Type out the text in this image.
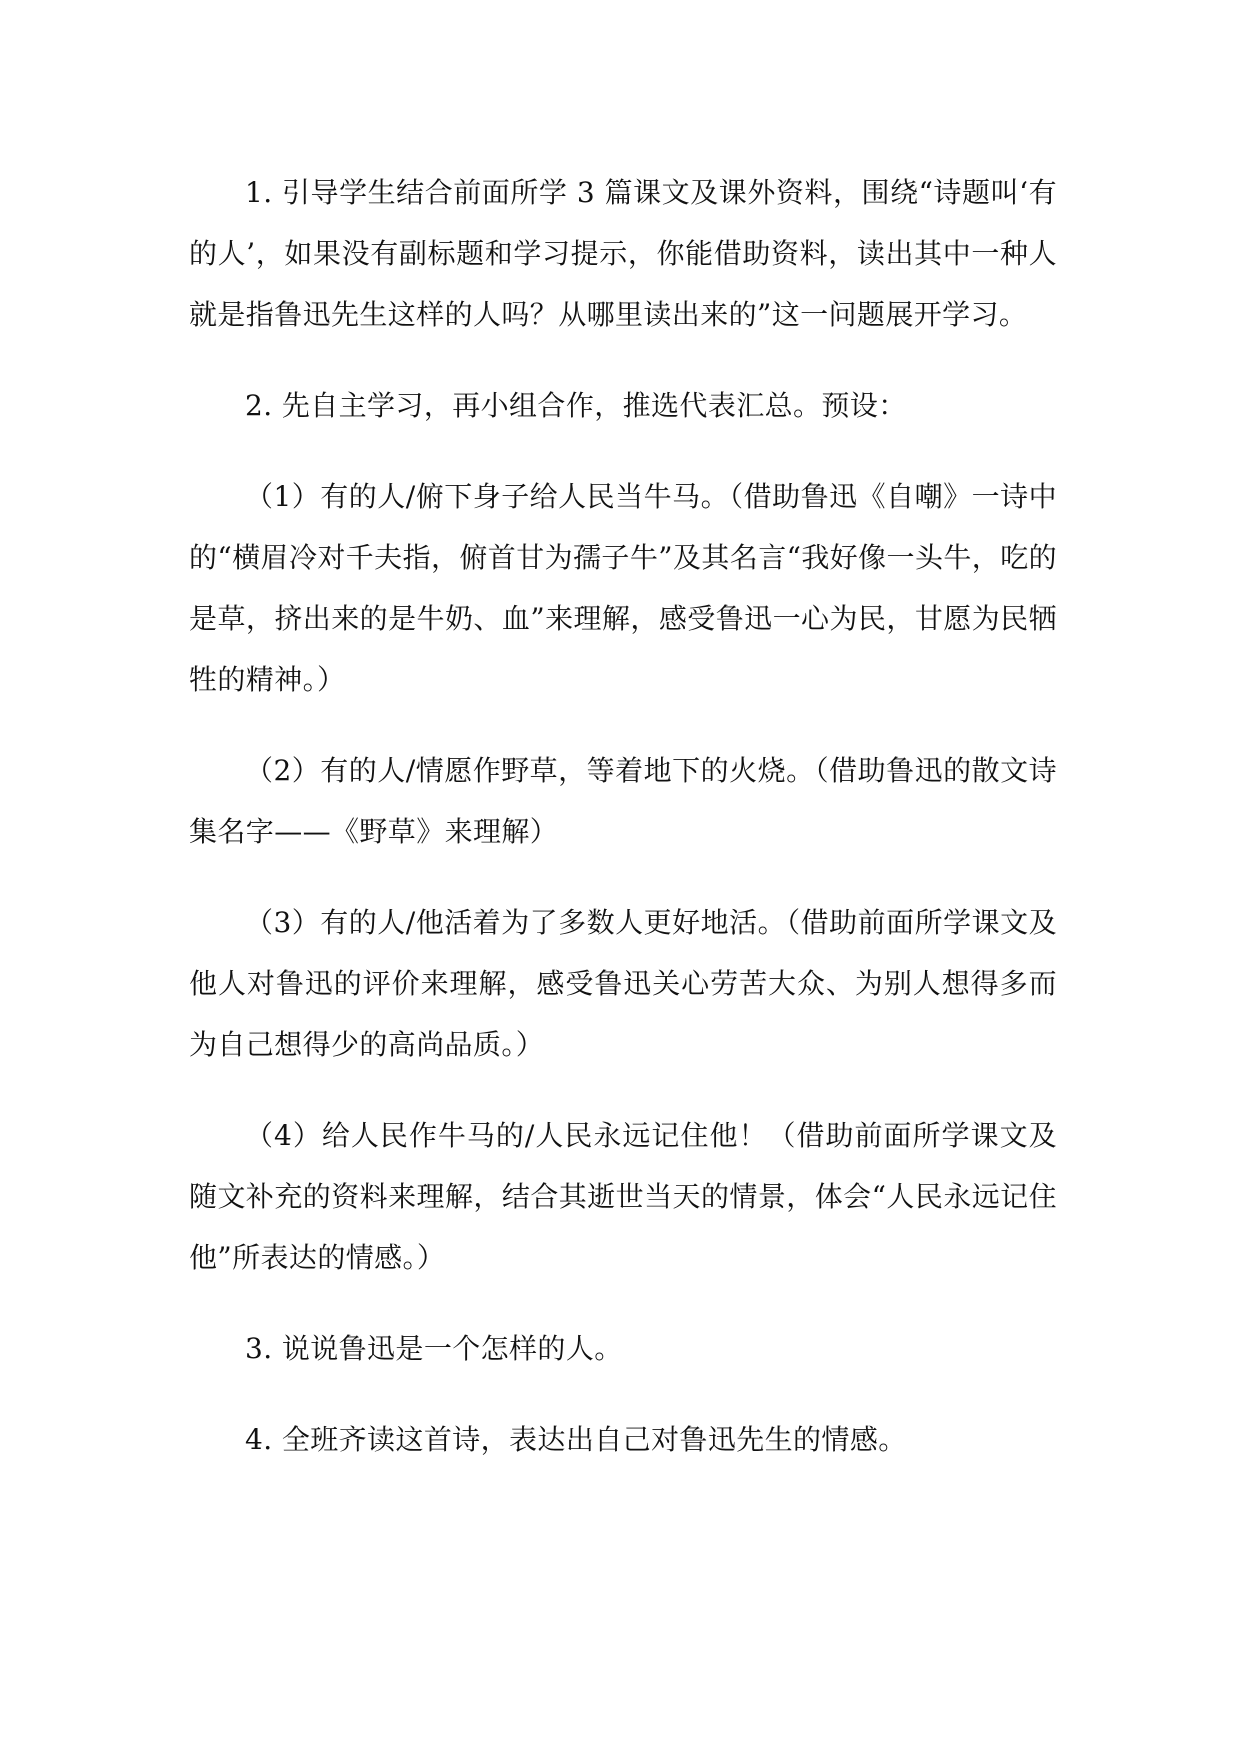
1. 引导学生结合前面所学 3 篇课文及课外资料，围绕“诗题叫‘有的人’，如果没有副标题和学习提示，你能借助资料，读出其中一种人就是指鲁迅先生这样的人吗？从哪里读出来的”这一问题展开学习。

2. 先自主学习，再小组合作，推选代表汇总。预设：

（1）有的人/俯下身子给人民当牛马。（借助鲁迅《自嘲》一诗中的“横眉冷对千夫指，俯首甘为孺子牛”及其名言“我好像一头牛，吃的是草，挤出来的是牛奶、血”来理解，感受鲁迅一心为民，甘愿为民牺牲的精神。）

（2）有的人/情愿作野草，等着地下的火烧。（借助鲁迅的散文诗集名字——《野草》来理解）

（3）有的人/他活着为了多数人更好地活。（借助前面所学课文及他人对鲁迅的评价来理解，感受鲁迅关心劳苦大众、为别人想得多而为自己想得少的高尚品质。）

（4）给人民作牛马的/人民永远记住他！（借助前面所学课文及随文补充的资料来理解，结合其逝世当天的情景，体会“人民永远记住他”所表达的情感。）

3. 说说鲁迅是一个怎样的人。

4. 全班齐读这首诗，表达出自己对鲁迅先生的情感。
